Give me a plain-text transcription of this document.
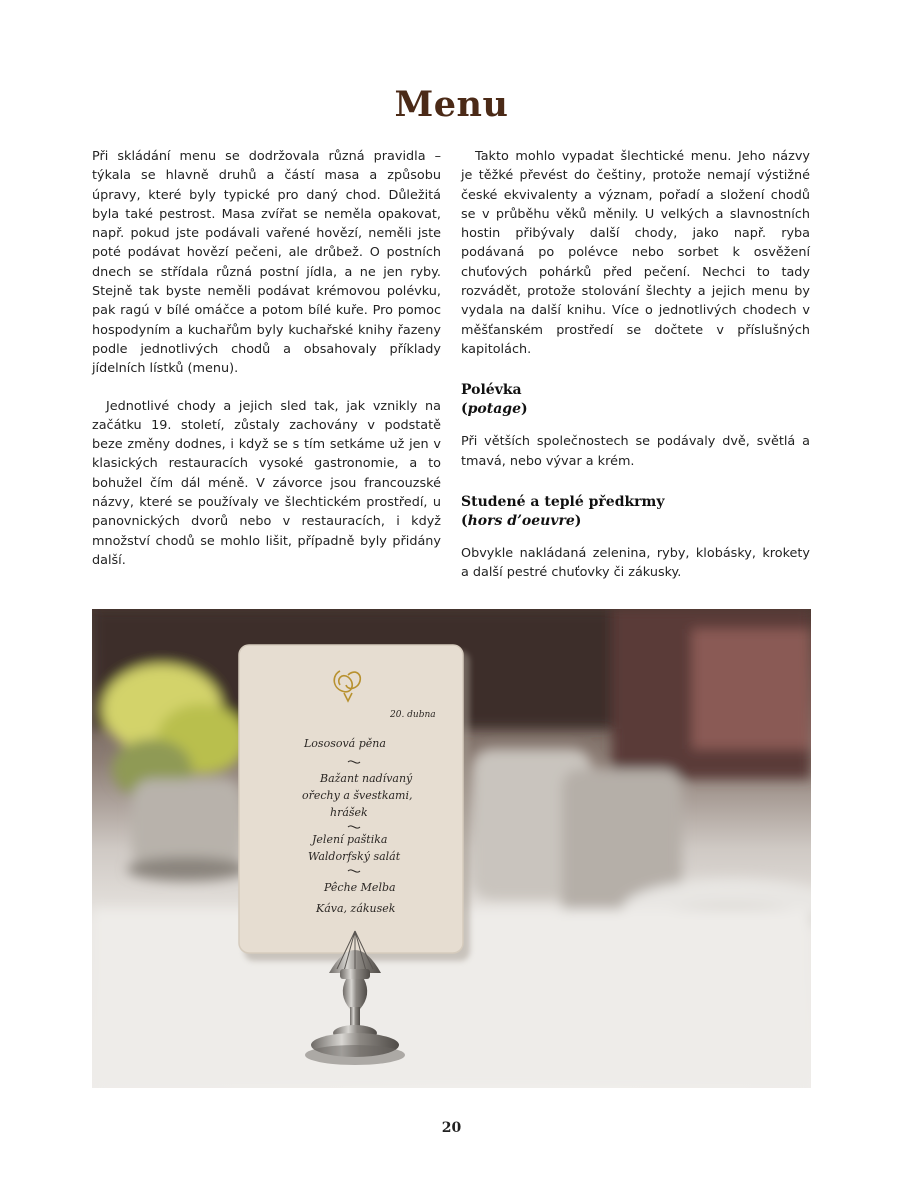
Menu

Při skládání menu se dodržovala různá pravidla – týkala se hlavně druhů a částí masa a způsobu úpravy, které byly typické pro daný chod. Důležitá byla také pestrost. Masa zvířat se neměla opakovat, např. pokud jste podávali vařené hovězí, neměli jste poté podávat hovězí pečeni, ale drůbež. O postních dnech se střídala různá postní jídla, a ne jen ryby. Stejně tak byste neměli podávat krémovou polévku, pak ragú v bílé omáčce a potom bílé kuře. Pro pomoc hospodyním a kuchařům byly kuchařské knihy řazeny podle jednotlivých chodů a obsahovaly příklady jídelních lístků (menu).

Jednotlivé chody a jejich sled tak, jak vznikly na začátku 19. století, zůstaly zachovány v podstatě beze změny dodnes, i když se s tím setkáme už jen v klasických restauracích vysoké gastronomie, a to bohužel čím dál méně. V závorce jsou francouzské názvy, které se používaly ve šlechtickém prostředí, u panovnických dvorů nebo v restauracích, i když množství chodů se mohlo lišit, případně byly přidány další.

Takto mohlo vypadat šlechtické menu. Jeho názvy je těžké převést do češtiny, protože nemají výstižné české ekvivalenty a význam, pořadí a složení chodů se v průběhu věků měnily. U velkých a slavnostních hostin přibývaly další chody, jako např. ryba podávaná po polévce nebo sorbet k osvěžení chuťových pohárků před pečení. Nechci to tady rozvádět, protože stolování šlechty a jejich menu by vydala na další knihu. Více o jednotlivých chodech v měšťanském prostředí se dočtete v příslušných kapitolách.

Polévka
(potage)

Při větších společnostech se podávaly dvě, světlá a tmavá, nebo vývar a krém.

Studené a teplé předkrmy
(hors d’oeuvre)

Obvykle nakládaná zelenina, ryby, klobásky, krokety a další pestré chuťovky či zákusky.

20. dubna
Lososová pěna
Bažant nadívaný
ořechy a švestkami,
hrášek
Jelení paštika
Waldorfský salát
Pêche Melba
Káva, zákusek
20
